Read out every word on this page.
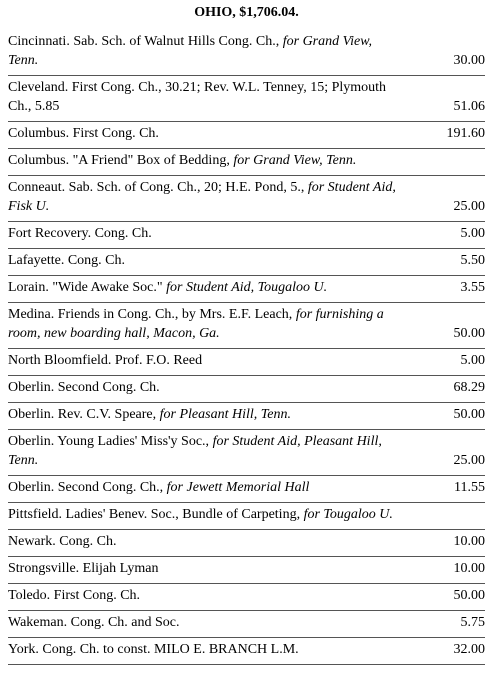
OHIO, $1,706.04.
Cincinnati. Sab. Sch. of Walnut Hills Cong. Ch., for Grand View, Tenn.	30.00
Cleveland. First Cong. Ch., 30.21; Rev. W.L. Tenney, 15; Plymouth Ch., 5.85	51.06
Columbus. First Cong. Ch.	191.60
Columbus. "A Friend" Box of Bedding, for Grand View, Tenn.	
Conneaut. Sab. Sch. of Cong. Ch., 20; H.E. Pond, 5., for Student Aid, Fisk U.	25.00
Fort Recovery. Cong. Ch.	5.00
Lafayette. Cong. Ch.	5.50
Lorain. "Wide Awake Soc." for Student Aid, Tougaloo U.	3.55
Medina. Friends in Cong. Ch., by Mrs. E.F. Leach, for furnishing a room, new boarding hall, Macon, Ga.	50.00
North Bloomfield. Prof. F.O. Reed	5.00
Oberlin. Second Cong. Ch.	68.29
Oberlin. Rev. C.V. Speare, for Pleasant Hill, Tenn.	50.00
Oberlin. Young Ladies' Miss'y Soc., for Student Aid, Pleasant Hill, Tenn.	25.00
Oberlin. Second Cong. Ch., for Jewett Memorial Hall	11.55
Pittsfield. Ladies' Benev. Soc., Bundle of Carpeting, for Tougaloo U.	
Newark. Cong. Ch.	10.00
Strongsville. Elijah Lyman	10.00
Toledo. First Cong. Ch.	50.00
Wakeman. Cong. Ch. and Soc.	5.75
York. Cong. Ch. to const. MILO E. BRANCH L.M.	32.00
